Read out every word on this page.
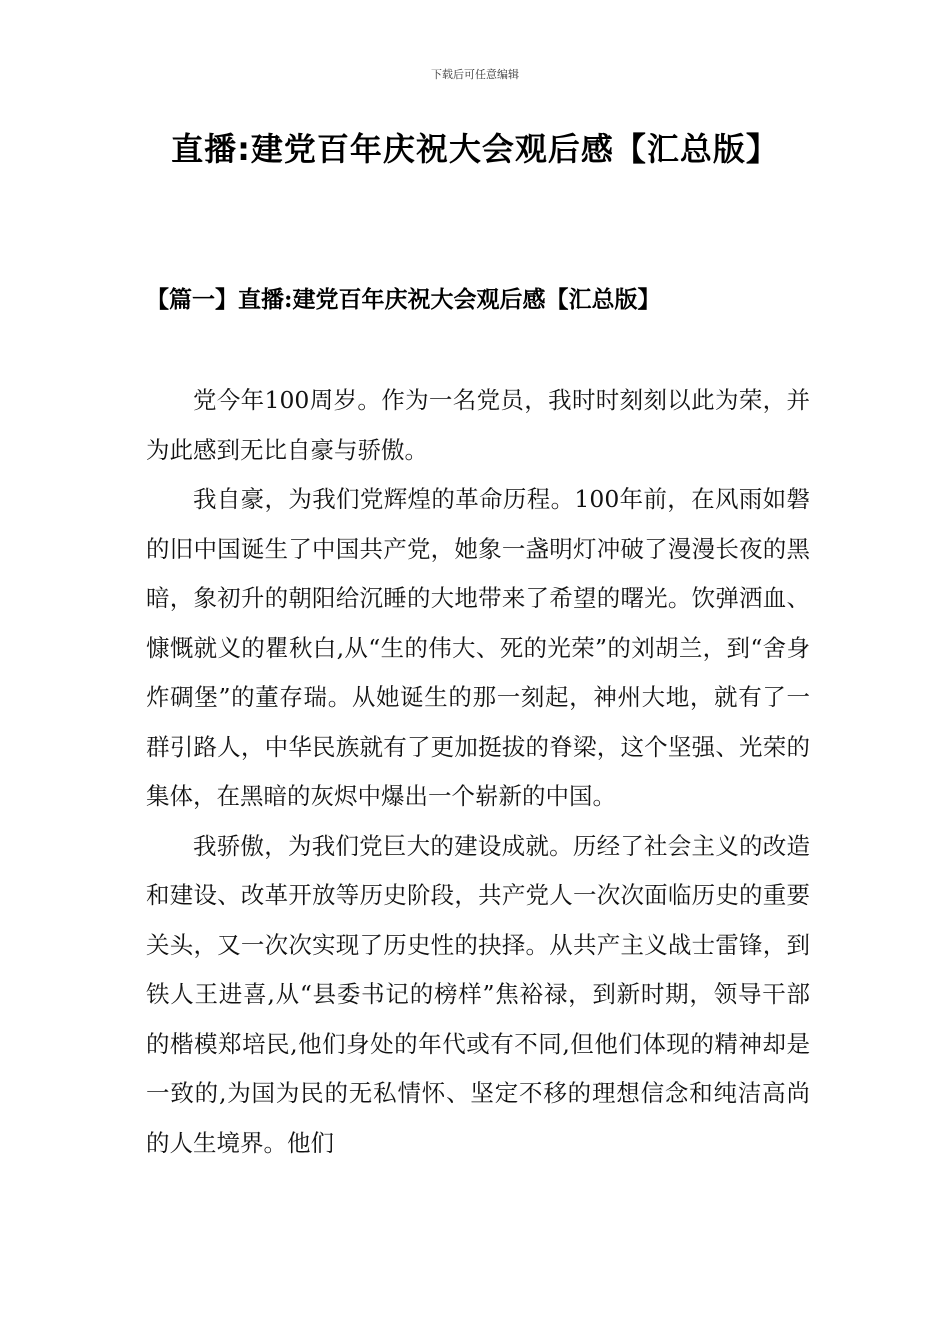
下载后可任意编辑
直播:建党百年庆祝大会观后感【汇总版】
【篇一】直播:建党百年庆祝大会观后感【汇总版】

党今年100周岁。作为一名党员，我时时刻刻以此为荣，并为此感到无比自豪与骄傲。

我自豪，为我们党辉煌的革命历程。100年前，在风雨如磐的旧中国诞生了中国共产党，她象一盏明灯冲破了漫漫长夜的黑暗，象初升的朝阳给沉睡的大地带来了希望的曙光。饮弹洒血、慷慨就义的瞿秋白,从“生的伟大、死的光荣”的刘胡兰，到“舍身炸碉堡”的董存瑞。从她诞生的那一刻起，神州大地，就有了一群引路人，中华民族就有了更加挺拔的脊梁，这个坚强、光荣的集体，在黑暗的灰烬中爆出一个崭新的中国。

我骄傲，为我们党巨大的建设成就。历经了社会主义的改造和建设、改革开放等历史阶段，共产党人一次次面临历史的重要关头，又一次次实现了历史性的抉择。从共产主义战士雷锋，到铁人王进喜,从“县委书记的榜样”焦裕禄，到新时期，领导干部的楷模郑培民,他们身处的年代或有不同,但他们体现的精神却是一致的,为国为民的无私情怀、坚定不移的理想信念和纯洁高尚的人生境界。他们
